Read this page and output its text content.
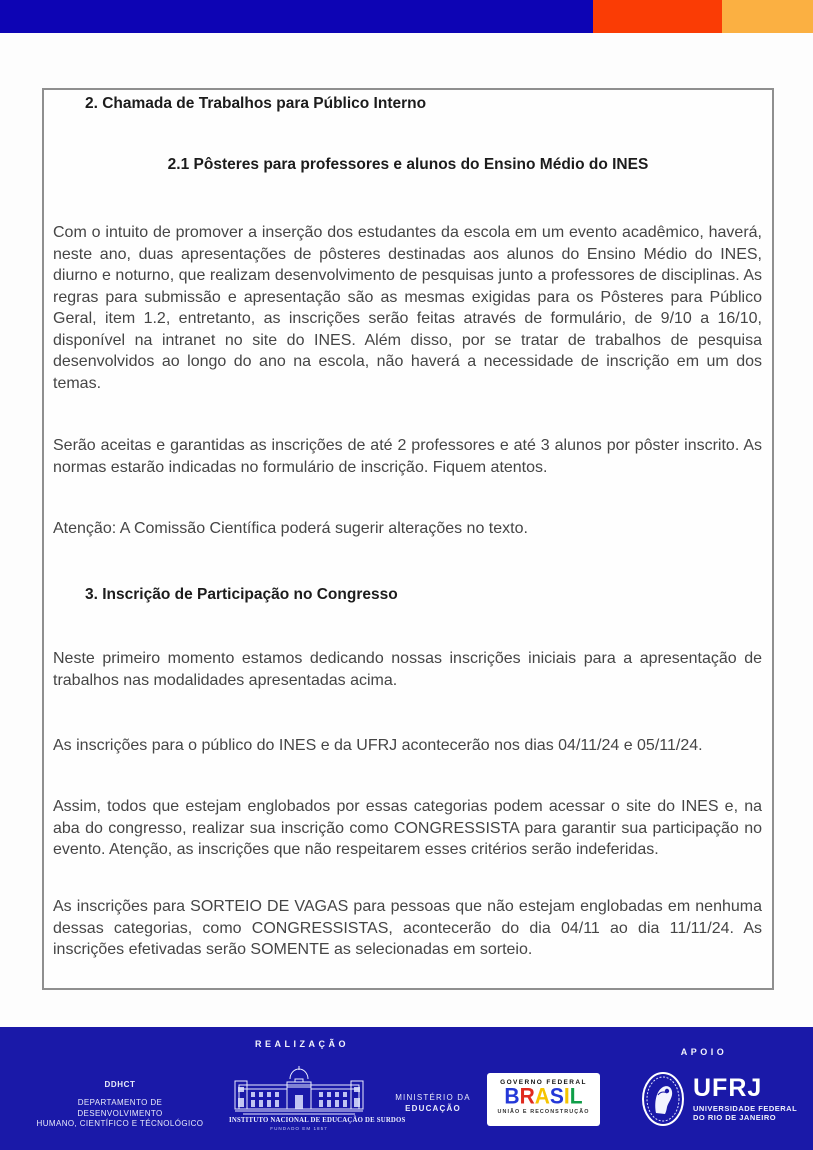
2. Chamada de Trabalhos para Público Interno
2.1 Pôsteres para professores e alunos do Ensino Médio do INES
Com o intuito de promover a inserção dos estudantes da escola em um evento acadêmico, haverá, neste ano, duas apresentações de pôsteres destinadas aos alunos do Ensino Médio do INES, diurno e noturno, que realizam desenvolvimento de pesquisas junto a professores de disciplinas. As regras para submissão e apresentação são as mesmas exigidas para os Pôsteres para Público Geral, item 1.2, entretanto, as inscrições serão feitas através de formulário, de 9/10 a 16/10, disponível na intranet no site do INES. Além disso, por se tratar de trabalhos de pesquisa desenvolvidos ao longo do ano na escola, não haverá a necessidade de inscrição em um dos temas.
Serão aceitas e garantidas as inscrições de até 2 professores e até 3 alunos por pôster inscrito. As normas estarão indicadas no formulário de inscrição. Fiquem atentos.
Atenção: A Comissão Científica poderá sugerir alterações no texto.
3. Inscrição de Participação no Congresso
Neste primeiro momento estamos dedicando nossas inscrições iniciais para a apresentação de trabalhos nas modalidades apresentadas acima.
As inscrições para o público do INES e da UFRJ acontecerão nos dias 04/11/24 e 05/11/24.
Assim, todos que estejam englobados por essas categorias podem acessar o site do INES e, na aba do congresso, realizar sua inscrição como CONGRESSISTA para garantir sua participação no evento. Atenção, as inscrições que não respeitarem esses critérios serão indeferidas.
As inscrições para SORTEIO DE VAGAS para pessoas que não estejam englobadas em nenhuma dessas categorias, como CONGRESSISTAS, acontecerão do dia 04/11 ao dia 11/11/24. As inscrições efetivadas serão SOMENTE as selecionadas em sorteio.
REALIZAÇÃO
APOIO
DDHCT
DEPARTAMENTO DE DESENVOLVIMENTO
HUMANO, CIENTÍFICO E TÉCNOLÓGICO	INSTITUTO NACIONAL DE EDUCAÇÃO DE SURDOS
FUNDADO EM 1857
MINISTÉRIO DA
EDUCAÇÃO
GOVERNO FEDERAL
BRASIL
UNIÃO E RECONSTRUÇÃO
UFRJ
UNIVERSIDADE FEDERAL
DO RIO DE JANEIRO
